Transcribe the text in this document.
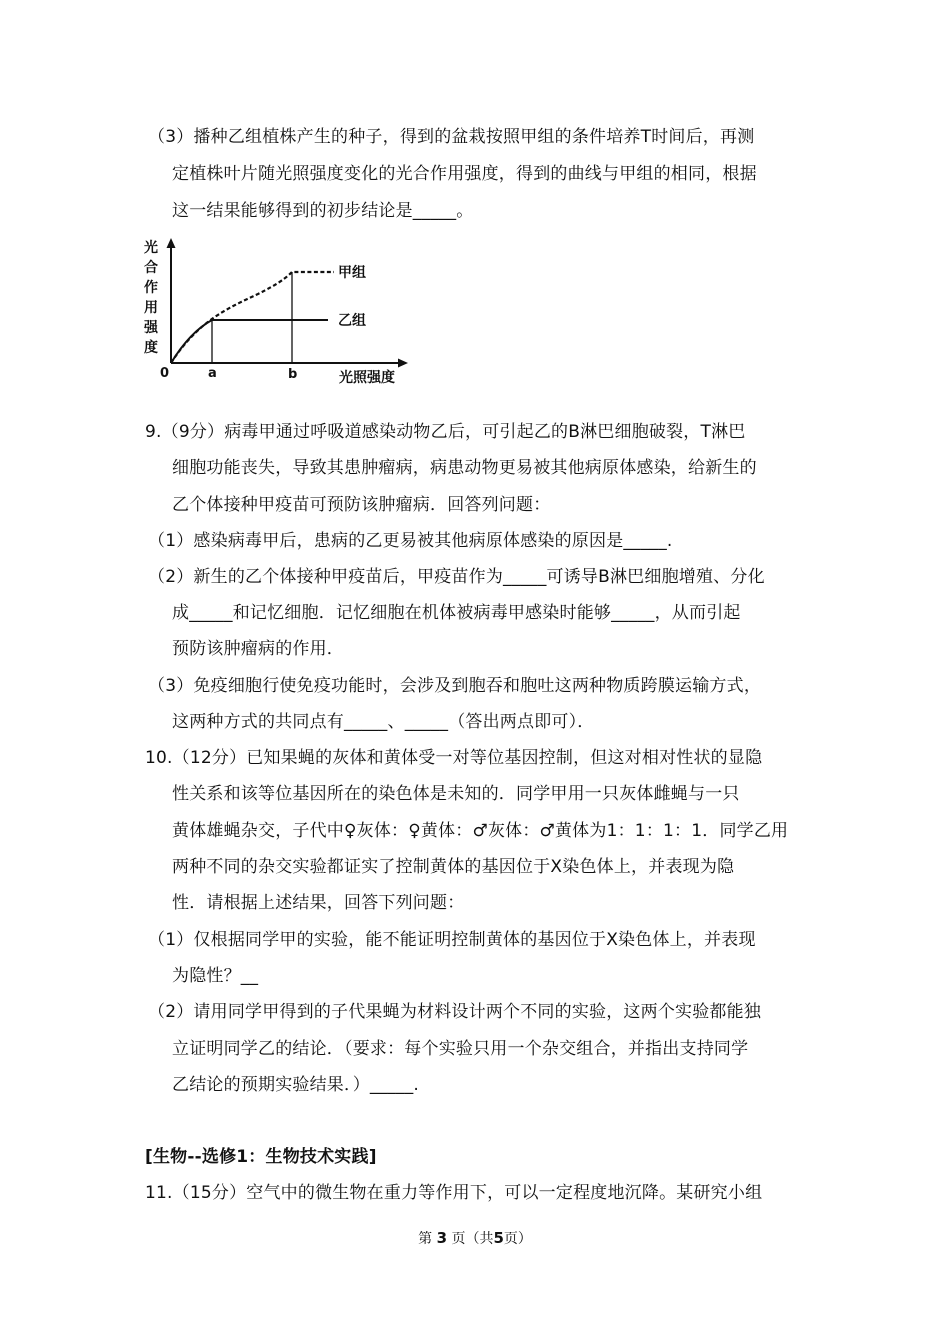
（3）播种乙组植株产生的种子，得到的盆栽按照甲组的条件培养T时间后，再测
定植株叶片随光照强度变化的光合作用强度，得到的曲线与甲组的相同，根据
这一结果能够得到的初步结论是_____。
光
合
作
用
强
度
甲组
乙组
0	a	b	光照强度
9.（9分）病毒甲通过呼吸道感染动物乙后，可引起乙的B淋巴细胞破裂，T淋巴
细胞功能丧失，导致其患肿瘤病，病患动物更易被其他病原体感染，给新生的
乙个体接种甲疫苗可预防该肿瘤病．回答列问题：
（1）感染病毒甲后，患病的乙更易被其他病原体感染的原因是_____.
（2）新生的乙个体接种甲疫苗后，甲疫苗作为_____可诱导B淋巴细胞增殖、分化
成_____和记忆细胞．记忆细胞在机体被病毒甲感染时能够_____，从而引起
预防该肿瘤病的作用．
（3）免疫细胞行使免疫功能时，会涉及到胞吞和胞吐这两种物质跨膜运输方式，
这两种方式的共同点有_____、_____（答出两点即可）．
10.（12分）已知果蝇的灰体和黄体受一对等位基因控制，但这对相对性状的显隐
性关系和该等位基因所在的染色体是未知的．同学甲用一只灰体雌蝇与一只
黄体雄蝇杂交，子代中♀灰体：♀黄体：♂灰体：♂黄体为1：1：1：1．同学乙用
两种不同的杂交实验都证实了控制黄体的基因位于X染色体上，并表现为隐
性．请根据上述结果，回答下列问题：
（1）仅根据同学甲的实验，能不能证明控制黄体的基因位于X染色体上，并表现
为隐性？__
（2）请用同学甲得到的子代果蝇为材料设计两个不同的实验，这两个实验都能独
立证明同学乙的结论．（要求：每个实验只用一个杂交组合，并指出支持同学
乙结论的预期实验结果．）_____.
[生物--选修1：生物技术实践]
11.（15分）空气中的微生物在重力等作用下，可以一定程度地沉降。某研究小组
第 3 页（共5页）
